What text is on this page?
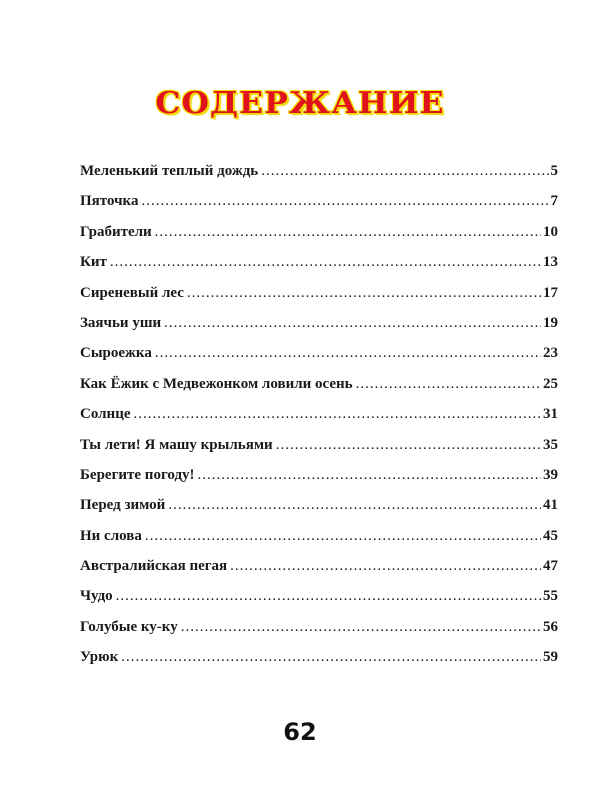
СОДЕРЖАНИЕ
Меленький теплый дождь .....	5
Пяточка .....	7
Грабители .....	10
Кит .....	13
Сиреневый лес .....	17
Заячьи уши .....	19
Сыроежка .....	23
Как Ёжик с Медвежонком ловили осень .....	25
Солнце .....	31
Ты лети! Я машу крыльями .....	35
Берегите погоду! .....	39
Перед зимой .....	41
Ни слова .....	45
Австралийская пегая .....	47
Чудо .....	55
Голубые ку-ку .....	56
Урюк .....	59
62
